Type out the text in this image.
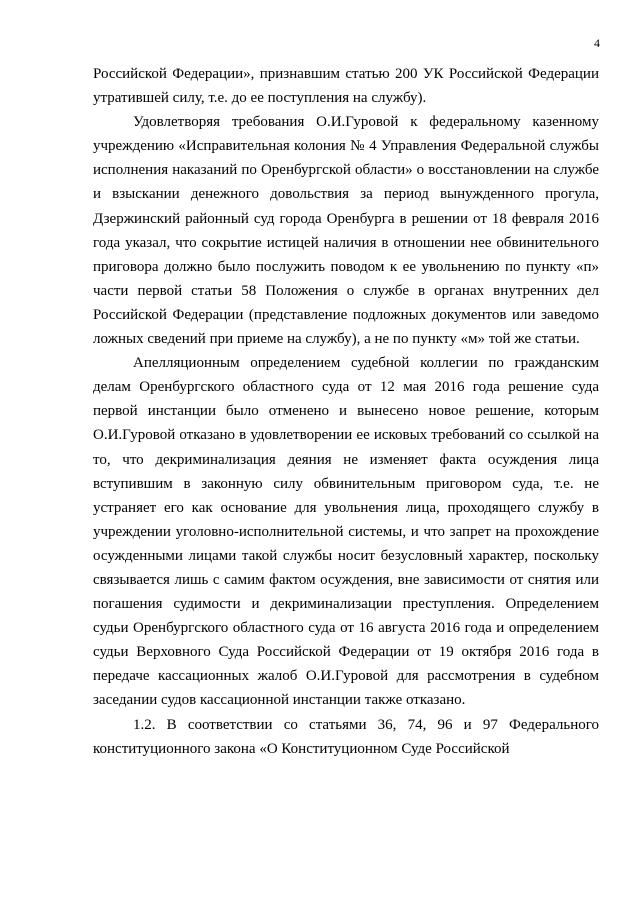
4

Российской Федерации», признавшим статью 200 УК Российской Федерации утратившей силу, т.е. до ее поступления на службу).

Удовлетворяя требования О.И.Гуровой к федеральному казенному учреждению «Исправительная колония № 4 Управления Федеральной службы исполнения наказаний по Оренбургской области» о восстановлении на службе и взыскании денежного довольствия за период вынужденного прогула, Дзержинский районный суд города Оренбурга в решении от 18 февраля 2016 года указал, что сокрытие истицей наличия в отношении нее обвинительного приговора должно было послужить поводом к ее увольнению по пункту «п» части первой статьи 58 Положения о службе в органах внутренних дел Российской Федерации (представление подложных документов или заведомо ложных сведений при приеме на службу), а не по пункту «м» той же статьи.

Апелляционным определением судебной коллегии по гражданским делам Оренбургского областного суда от 12 мая 2016 года решение суда первой инстанции было отменено и вынесено новое решение, которым О.И.Гуровой отказано в удовлетворении ее исковых требований со ссылкой на то, что декриминализация деяния не изменяет факта осуждения лица вступившим в законную силу обвинительным приговором суда, т.е. не устраняет его как основание для увольнения лица, проходящего службу в учреждении уголовно-исполнительной системы, и что запрет на прохождение осужденными лицами такой службы носит безусловный характер, поскольку связывается лишь с самим фактом осуждения, вне зависимости от снятия или погашения судимости и декриминализации преступления. Определением судьи Оренбургского областного суда от 16 августа 2016 года и определением судьи Верховного Суда Российской Федерации от 19 октября 2016 года в передаче кассационных жалоб О.И.Гуровой для рассмотрения в судебном заседании судов кассационной инстанции также отказано.

1.2. В соответствии со статьями 36, 74, 96 и 97 Федерального конституционного закона «О Конституционном Суде Российской
